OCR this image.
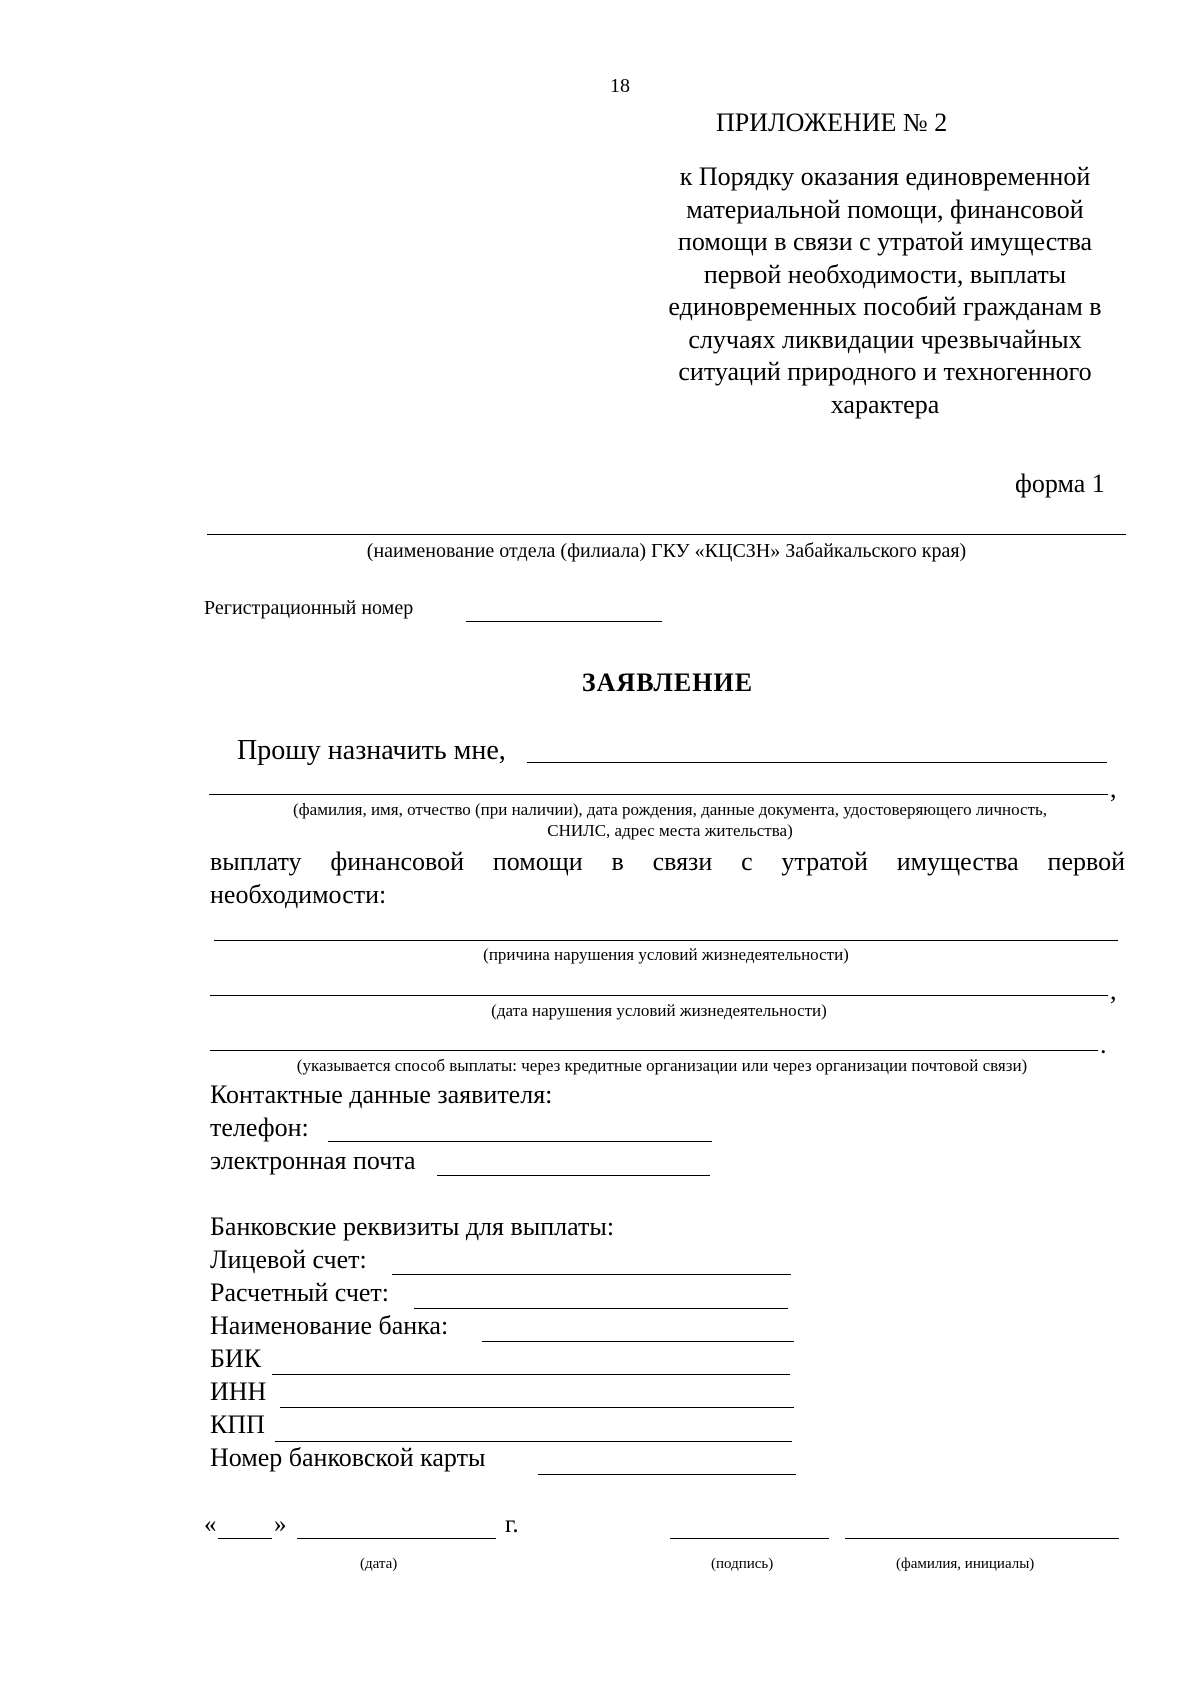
18
ПРИЛОЖЕНИЕ № 2
к Порядку оказания единовременной
материальной помощи, финансовой
помощи в связи с утратой имущества
первой необходимости, выплаты
единовременных пособий гражданам в
случаях ликвидации чрезвычайных
ситуаций природного и техногенного
характера
форма 1
(наименование отдела (филиала) ГКУ «КЦСЗН» Забайкальского края)
Регистрационный номер
ЗАЯВЛЕНИЕ
Прошу назначить мне,
,
(фамилия, имя, отчество (при наличии), дата рождения, данные документа, удостоверяющего личность,
СНИЛС, адрес места жительства)
выплату финансовой помощи в связи с утратой имущества первой
необходимости:
(причина нарушения условий жизнедеятельности)
,
(дата нарушения условий жизнедеятельности)
.
(указывается способ выплаты: через кредитные организации или через организации почтовой связи)
Контактные данные заявителя:
телефон:
электронная почта
Банковские реквизиты для выплаты:
Лицевой счет:
Расчетный счет:
Наименование банка:
БИК
ИНН
КПП
Номер банковской карты
« »	г.
(дата)	(подпись)	(фамилия, инициалы)
